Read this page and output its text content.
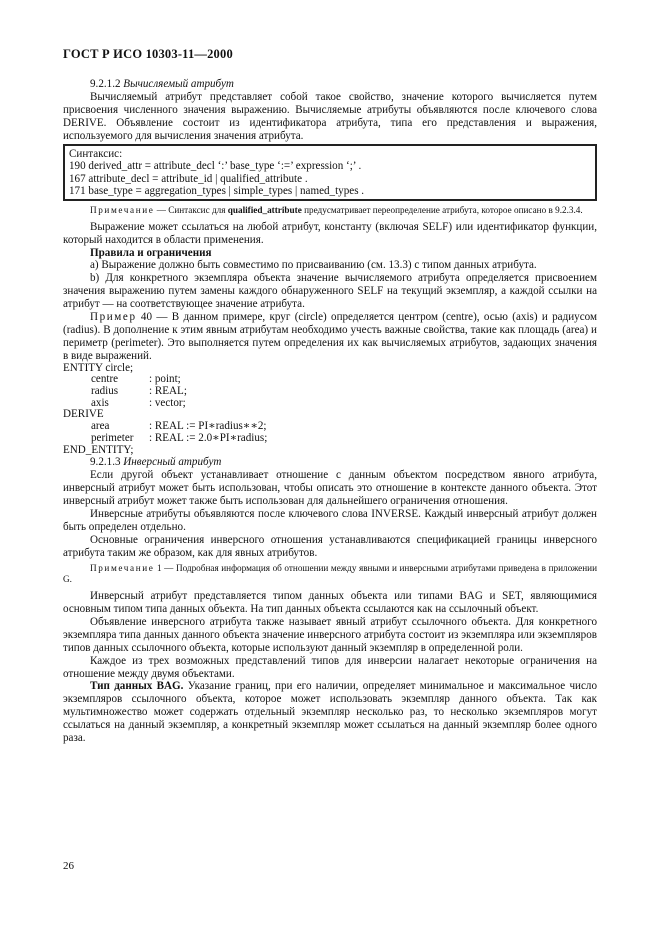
ГОСТ Р ИСО 10303-11—2000

9.2.1.2 Вычисляемый атрибут

Вычисляемый атрибут представляет собой такое свойство, значение которого вычисляется путем присвоения численного значения выражению. Вычисляемые атрибуты объявляются после ключевого слова DERIVE. Объявление состоит из идентификатора атрибута, типа его представления и выражения, используемого для вычисления значения атрибута.

Синтаксис:
190 derived_attr = attribute_decl ‘:’ base_type ‘:=’ expression ‘;’ .
167 attribute_decl = attribute_id | qualified_attribute .
171 base_type = aggregation_types | simple_types | named_types .

Примечание — Синтаксис для qualified_attribute предусматривает переопределение атрибута, которое описано в 9.2.3.4.

Выражение может ссылаться на любой атрибут, константу (включая SELF) или идентификатор функции, который находится в области применения.

Правила и ограничения

a) Выражение должно быть совместимо по присваиванию (см. 13.3) с типом данных атрибута.

b) Для конкретного экземпляра объекта значение вычисляемого атрибута определяется присвоением значения выражению путем замены каждого обнаруженного SELF на текущий экземпляр, а каждой ссылки на атрибут — на соответствующее значение атрибута.

Пример 40 — В данном примере, круг (circle) определяется центром (centre), осью (axis) и радиусом (radius). В дополнение к этим явным атрибутам необходимо учесть важные свойства, такие как площадь (area) и периметр (perimeter). Это выполняется путем определения их как вычисляемых атрибутов, задающих значения в виде выражений.

ENTITY circle;
centre	: point;
radius	: REAL;
axis	: vector;
DERIVE
area	: REAL := PI∗radius∗∗2;
perimeter	: REAL := 2.0∗PI∗radius;
END_ENTITY;

9.2.1.3 Инверсный атрибут

Если другой объект устанавливает отношение с данным объектом посредством явного атрибута, инверсный атрибут может быть использован, чтобы описать это отношение в контексте данного объекта. Этот инверсный атрибут может также быть использован для дальнейшего ограничения отношения.

Инверсные атрибуты объявляются после ключевого слова INVERSE. Каждый инверсный атрибут должен быть определен отдельно.

Основные ограничения инверсного отношения устанавливаются спецификацией границы инверсного атрибута таким же образом, как для явных атрибутов.

Примечание 1 — Подробная информация об отношении между явными и инверсными атрибутами приведена в приложении G.

Инверсный атрибут представляется типом данных объекта или типами BAG и SET, являющимися основным типом типа данных объекта. На тип данных объекта ссылаются как на ссылочный объект.

Объявление инверсного атрибута также называет явный атрибут ссылочного объекта. Для конкретного экземпляра типа данных данного объекта значение инверсного атрибута состоит из экземпляра или экземпляров типов данных ссылочного объекта, которые используют данный экземпляр в определенной роли.

Каждое из трех возможных представлений типов для инверсии налагает некоторые ограничения на отношение между двумя объектами.

Тип данных BAG. Указание границ, при его наличии, определяет минимальное и максимальное число экземпляров ссылочного объекта, которое может использовать экземпляр данного объекта. Так как мультимножество может содержать отдельный экземпляр несколько раз, то несколько экземпляров могут ссылаться на данный экземпляр, а конкретный экземпляр может ссылаться на данный экземпляр более одного раза.

26
